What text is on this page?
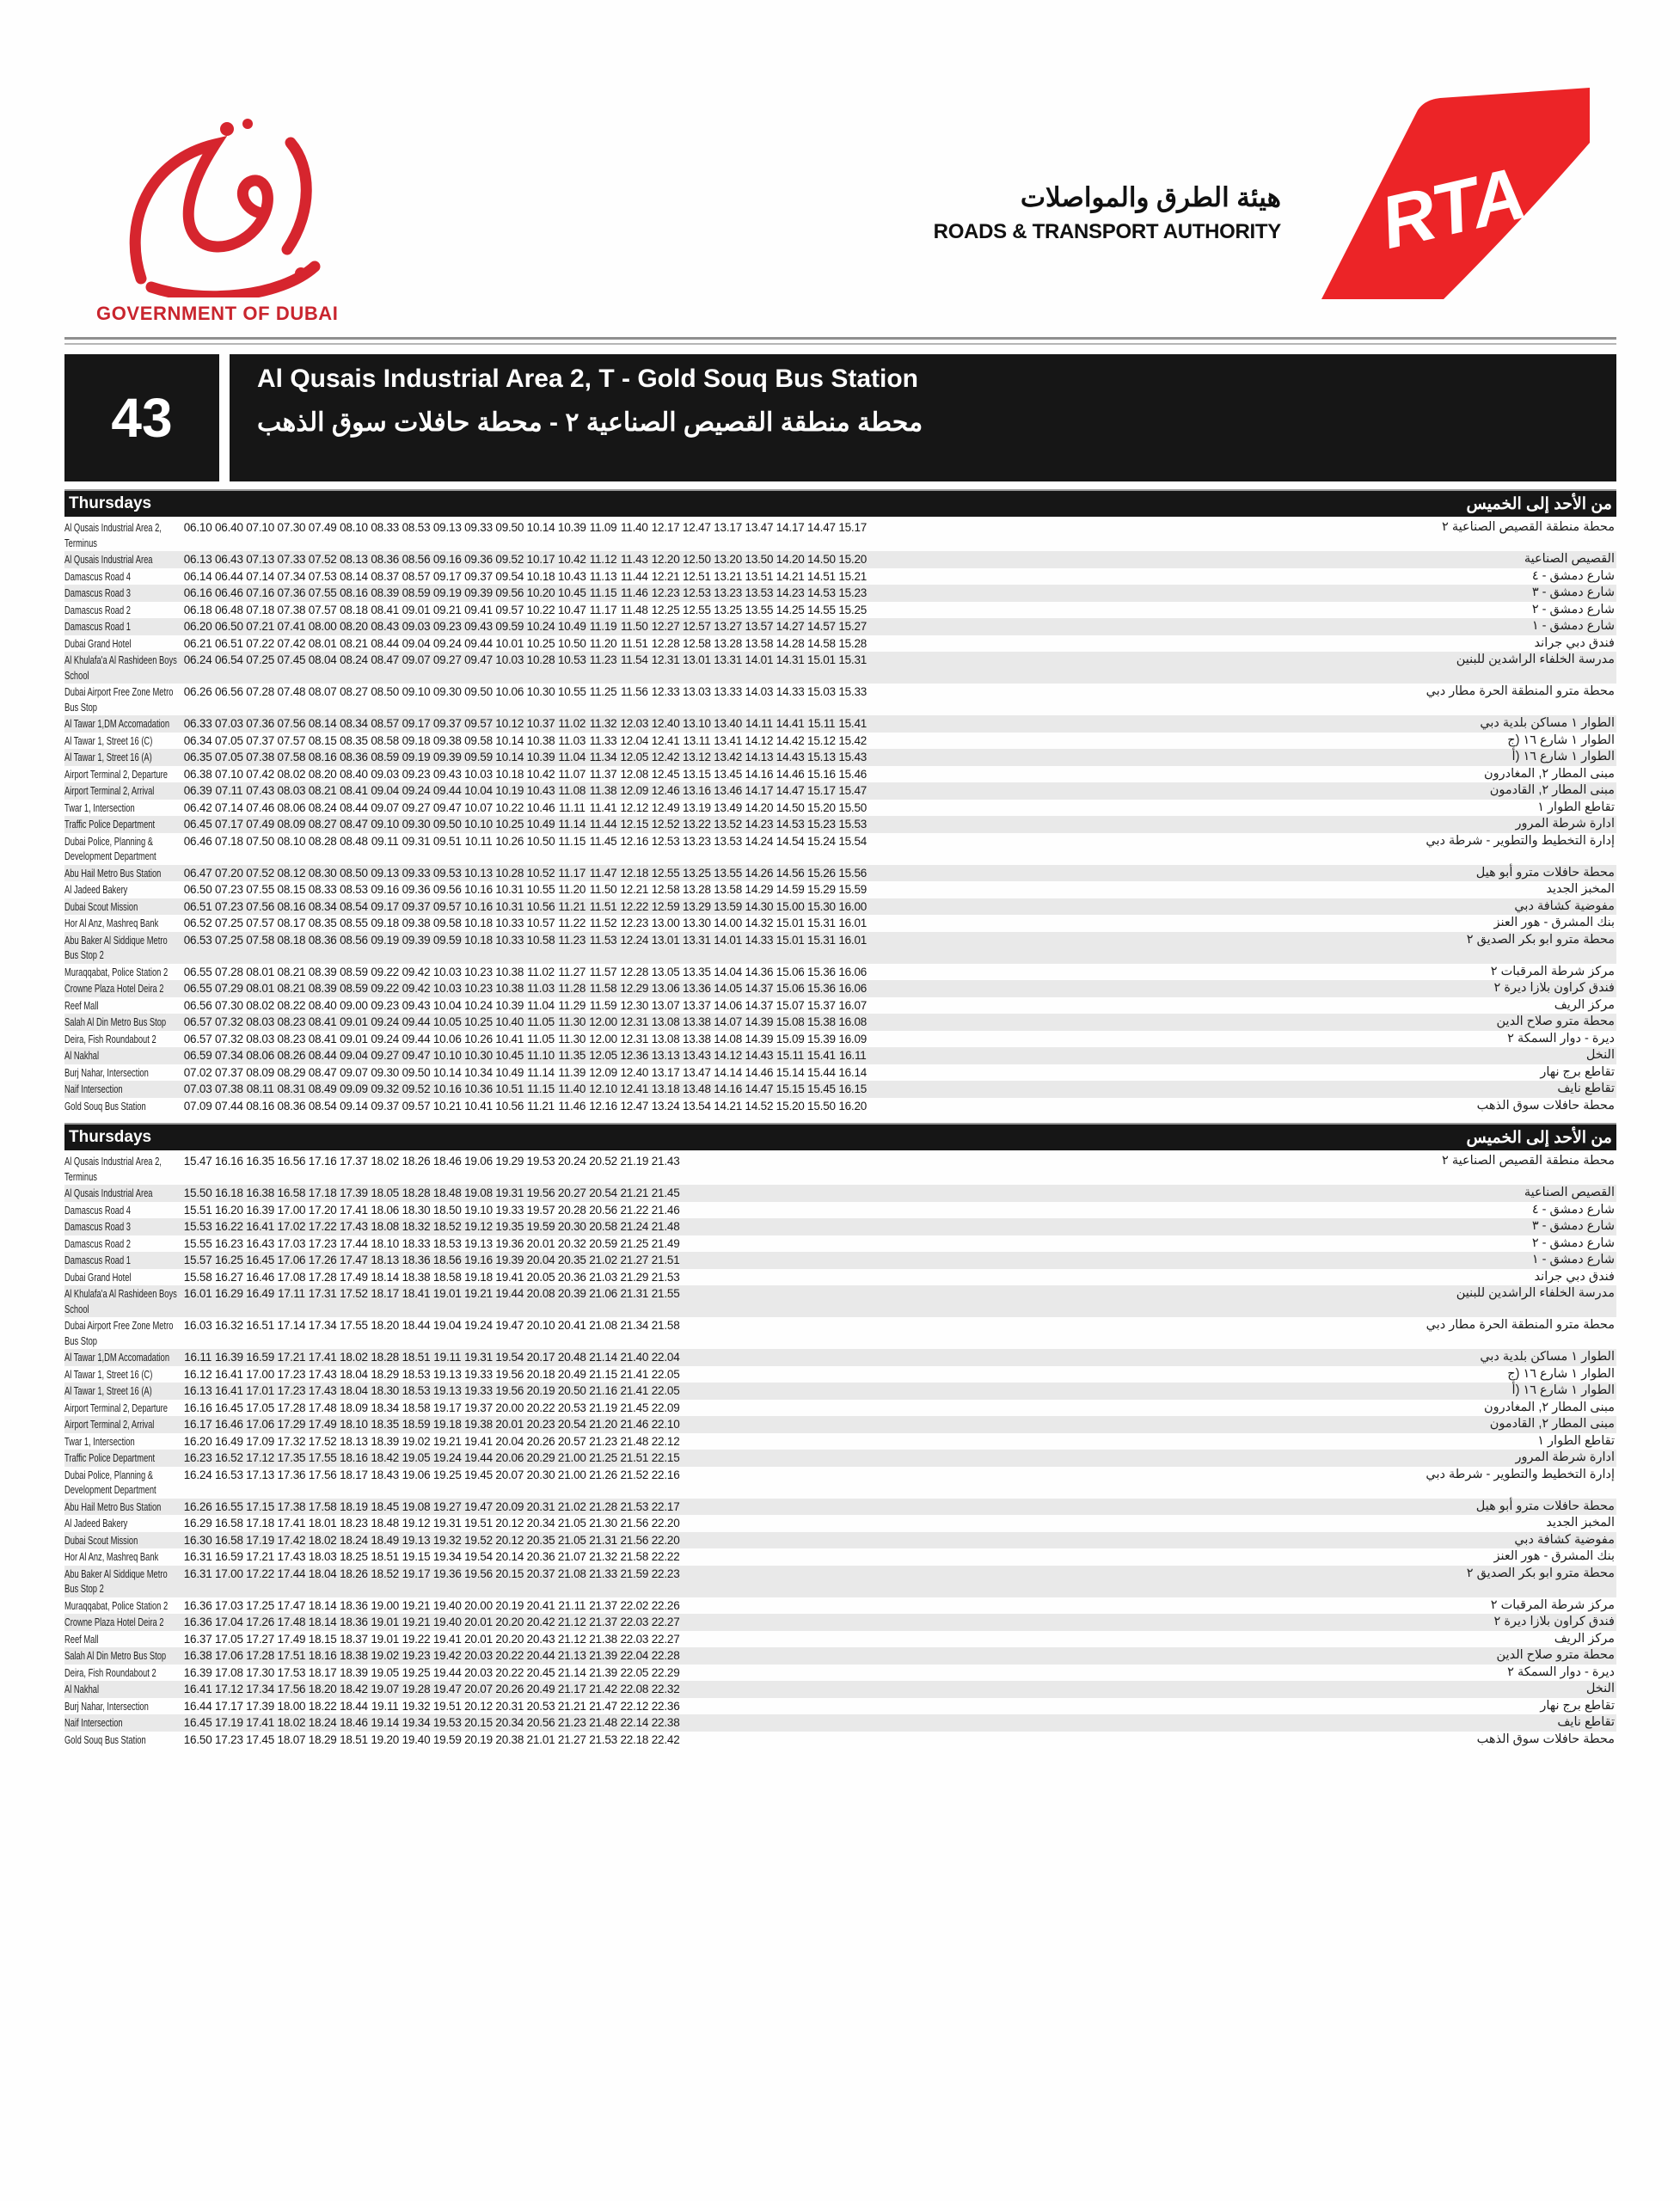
GOVERNMENT OF DUBAI
هيئة الطرق والمواصلات
ROADS & TRANSPORT AUTHORITY RTA
43
Al Qusais Industrial Area 2, T - Gold Souq Bus Station
محطة منطقة القصيص الصناعية ٢ - محطة حافلات سوق الذهب
Thursdays	من الأحد إلى الخميس
Al Qusais Industrial Area 2, Terminus
06.10 06.40 07.10 07.30 07.49 08.10 08.33 08.53 09.13 09.33 09.50 10.14 10.39 11.09 11.40 12.17 12.47 13.17 13.47 14.17 14.47 15.17	محطة منطقة القصيص الصناعية ٢
Al Qusais Industrial Area	06.13 06.43 07.13 07.33 07.52 08.13 08.36 08.56 09.16 09.36 09.52 10.17 10.42 11.12 11.43 12.20 12.50 13.20 13.50 14.20 14.50 15.20	القصيص الصناعية
Damascus Road 4	06.14 06.44 07.14 07.34 07.53 08.14 08.37 08.57 09.17 09.37 09.54 10.18 10.43 11.13 11.44 12.21 12.51 13.21 13.51 14.21 14.51 15.21	شارع دمشق - ٤
Damascus Road 3	06.16 06.46 07.16 07.36 07.55 08.16 08.39 08.59 09.19 09.39 09.56 10.20 10.45 11.15 11.46 12.23 12.53 13.23 13.53 14.23 14.53 15.23	شارع دمشق - ٣
Damascus Road 2	06.18 06.48 07.18 07.38 07.57 08.18 08.41 09.01 09.21 09.41 09.57 10.22 10.47 11.17 11.48 12.25 12.55 13.25 13.55 14.25 14.55 15.25	شارع دمشق - ٢
Damascus Road 1	06.20 06.50 07.21 07.41 08.00 08.20 08.43 09.03 09.23 09.43 09.59 10.24 10.49 11.19 11.50 12.27 12.57 13.27 13.57 14.27 14.57 15.27	شارع دمشق - ١
Dubai Grand Hotel	06.21 06.51 07.22 07.42 08.01 08.21 08.44 09.04 09.24 09.44 10.01 10.25 10.50 11.20 11.51 12.28 12.58 13.28 13.58 14.28 14.58 15.28	فندق دبي جراند
Al Khulafa'a Al Rashideen Boys School
06.24 06.54 07.25 07.45 08.04 08.24 08.47 09.07 09.27 09.47 10.03 10.28 10.53 11.23 11.54 12.31 13.01 13.31 14.01 14.31 15.01 15.31	مدرسة الخلفاء الراشدين للبنين
Dubai Airport Free Zone Metro Bus Stop
06.26 06.56 07.28 07.48 08.07 08.27 08.50 09.10 09.30 09.50 10.06 10.30 10.55 11.25 11.56 12.33 13.03 13.33 14.03 14.33 15.03 15.33	محطة مترو المنطقة الحرة مطار دبي
Al Tawar 1,DM Accomadation	06.33 07.03 07.36 07.56 08.14 08.34 08.57 09.17 09.37 09.57 10.12 10.37 11.02 11.32 12.03 12.40 13.10 13.40 14.11 14.41 15.11 15.41	الطوار ١ مساكن بلدية دبي
Al Tawar 1, Street 16 (C)	06.34 07.05 07.37 07.57 08.15 08.35 08.58 09.18 09.38 09.58 10.14 10.38 11.03 11.33 12.04 12.41 13.11 13.41 14.12 14.42 15.12 15.42	الطوار ١ شارع ١٦ (ج
Al Tawar 1, Street 16 (A)	06.35 07.05 07.38 07.58 08.16 08.36 08.59 09.19 09.39 09.59 10.14 10.39 11.04 11.34 12.05 12.42 13.12 13.42 14.13 14.43 15.13 15.43	الطوار ١ شارع ١٦ (أ
Airport Terminal 2, Departure	06.38 07.10 07.42 08.02 08.20 08.40 09.03 09.23 09.43 10.03 10.18 10.42 11.07 11.37 12.08 12.45 13.15 13.45 14.16 14.46 15.16 15.46	مبنى المطار ٢, المغادرون
Airport Terminal 2, Arrival	06.39 07.11 07.43 08.03 08.21 08.41 09.04 09.24 09.44 10.04 10.19 10.43 11.08 11.38 12.09 12.46 13.16 13.46 14.17 14.47 15.17 15.47	مبنى المطار ٢, القادمون
Twar 1, Intersection	06.42 07.14 07.46 08.06 08.24 08.44 09.07 09.27 09.47 10.07 10.22 10.46 11.11 11.41 12.12 12.49 13.19 13.49 14.20 14.50 15.20 15.50	تقاطع الطوار ١
Traffic Police Department	06.45 07.17 07.49 08.09 08.27 08.47 09.10 09.30 09.50 10.10 10.25 10.49 11.14 11.44 12.15 12.52 13.22 13.52 14.23 14.53 15.23 15.53	ادارة شرطة المرور
Dubai Police, Planning & Development Department
06.46 07.18 07.50 08.10 08.28 08.48 09.11 09.31 09.51 10.11 10.26 10.50 11.15 11.45 12.16 12.53 13.23 13.53 14.24 14.54 15.24 15.54	إدارة التخطيط والتطوير - شرطة دبي
Abu Hail Metro Bus Station	06.47 07.20 07.52 08.12 08.30 08.50 09.13 09.33 09.53 10.13 10.28 10.52 11.17 11.47 12.18 12.55 13.25 13.55 14.26 14.56 15.26 15.56	محطة حافلات مترو أبو هيل
Al Jadeed Bakery	06.50 07.23 07.55 08.15 08.33 08.53 09.16 09.36 09.56 10.16 10.31 10.55 11.20 11.50 12.21 12.58 13.28 13.58 14.29 14.59 15.29 15.59	المخبز الجديد
Dubai Scout Mission	06.51 07.23 07.56 08.16 08.34 08.54 09.17 09.37 09.57 10.16 10.31 10.56 11.21 11.51 12.22 12.59 13.29 13.59 14.30 15.00 15.30 16.00	مفوضية كشافة دبي
Hor Al Anz, Mashreq Bank	06.52 07.25 07.57 08.17 08.35 08.55 09.18 09.38 09.58 10.18 10.33 10.57 11.22 11.52 12.23 13.00 13.30 14.00 14.32 15.01 15.31 16.01	بنك المشرق - هور العنز
Abu Baker Al Siddique Metro Bus Stop 2
06.53 07.25 07.58 08.18 08.36 08.56 09.19 09.39 09.59 10.18 10.33 10.58 11.23 11.53 12.24 13.01 13.31 14.01 14.33 15.01 15.31 16.01	محطة مترو ابو بكر الصديق ٢
Muraqqabat, Police Station 2	06.55 07.28 08.01 08.21 08.39 08.59 09.22 09.42 10.03 10.23 10.38 11.02 11.27 11.57 12.28 13.05 13.35 14.04 14.36 15.06 15.36 16.06	مركز شرطة المرقبات ٢
Crowne Plaza Hotel Deira 2	06.55 07.29 08.01 08.21 08.39 08.59 09.22 09.42 10.03 10.23 10.38 11.03 11.28 11.58 12.29 13.06 13.36 14.05 14.37 15.06 15.36 16.06	فندق كراون بلازا ديرة ٢
Reef Mall	06.56 07.30 08.02 08.22 08.40 09.00 09.23 09.43 10.04 10.24 10.39 11.04 11.29 11.59 12.30 13.07 13.37 14.06 14.37 15.07 15.37 16.07	مركز الريف
Salah Al Din Metro Bus Stop	06.57 07.32 08.03 08.23 08.41 09.01 09.24 09.44 10.05 10.25 10.40 11.05 11.30 12.00 12.31 13.08 13.38 14.07 14.39 15.08 15.38 16.08	محطة مترو صلاح الدين
Deira, Fish Roundabout 2	06.57 07.32 08.03 08.23 08.41 09.01 09.24 09.44 10.06 10.26 10.41 11.05 11.30 12.00 12.31 13.08 13.38 14.08 14.39 15.09 15.39 16.09	ديرة - دوار السمكة ٢
Al Nakhal	06.59 07.34 08.06 08.26 08.44 09.04 09.27 09.47 10.10 10.30 10.45 11.10 11.35 12.05 12.36 13.13 13.43 14.12 14.43 15.11 15.41 16.11	النخل
Burj Nahar, Intersection	07.02 07.37 08.09 08.29 08.47 09.07 09.30 09.50 10.14 10.34 10.49 11.14 11.39 12.09 12.40 13.17 13.47 14.14 14.46 15.14 15.44 16.14	تقاطع برج نهار
Naif Intersection	07.03 07.38 08.11 08.31 08.49 09.09 09.32 09.52 10.16 10.36 10.51 11.15 11.40 12.10 12.41 13.18 13.48 14.16 14.47 15.15 15.45 16.15	تقاطع نايف
Gold Souq Bus Station	07.09 07.44 08.16 08.36 08.54 09.14 09.37 09.57 10.21 10.41 10.56 11.21 11.46 12.16 12.47 13.24 13.54 14.21 14.52 15.20 15.50 16.20	محطة حافلات سوق الذهب
Thursdays	من الأحد إلى الخميس
Al Qusais Industrial Area 2, Terminus
15.47 16.16 16.35 16.56 17.16 17.37 18.02 18.26 18.46 19.06 19.29 19.53 20.24 20.52 21.19 21.43	محطة منطقة القصيص الصناعية ٢
Al Qusais Industrial Area	15.50 16.18 16.38 16.58 17.18 17.39 18.05 18.28 18.48 19.08 19.31 19.56 20.27 20.54 21.21 21.45	القصيص الصناعية
Damascus Road 4	15.51 16.20 16.39 17.00 17.20 17.41 18.06 18.30 18.50 19.10 19.33 19.57 20.28 20.56 21.22 21.46	شارع دمشق - ٤
Damascus Road 3	15.53 16.22 16.41 17.02 17.22 17.43 18.08 18.32 18.52 19.12 19.35 19.59 20.30 20.58 21.24 21.48	شارع دمشق - ٣
Damascus Road 2	15.55 16.23 16.43 17.03 17.23 17.44 18.10 18.33 18.53 19.13 19.36 20.01 20.32 20.59 21.25 21.49	شارع دمشق - ٢
Damascus Road 1	15.57 16.25 16.45 17.06 17.26 17.47 18.13 18.36 18.56 19.16 19.39 20.04 20.35 21.02 21.27 21.51	شارع دمشق - ١
Dubai Grand Hotel	15.58 16.27 16.46 17.08 17.28 17.49 18.14 18.38 18.58 19.18 19.41 20.05 20.36 21.03 21.29 21.53	فندق دبي جراند
Al Khulafa'a Al Rashideen Boys School
16.01 16.29 16.49 17.11 17.31 17.52 18.17 18.41 19.01 19.21 19.44 20.08 20.39 21.06 21.31 21.55	مدرسة الخلفاء الراشدين للبنين
Dubai Airport Free Zone Metro Bus Stop
16.03 16.32 16.51 17.14 17.34 17.55 18.20 18.44 19.04 19.24 19.47 20.10 20.41 21.08 21.34 21.58	محطة مترو المنطقة الحرة مطار دبي
Al Tawar 1,DM Accomadation	16.11 16.39 16.59 17.21 17.41 18.02 18.28 18.51 19.11 19.31 19.54 20.17 20.48 21.14 21.40 22.04	الطوار ١ مساكن بلدية دبي
Al Tawar 1, Street 16 (C)	16.12 16.41 17.00 17.23 17.43 18.04 18.29 18.53 19.13 19.33 19.56 20.18 20.49 21.15 21.41 22.05	الطوار ١ شارع ١٦ (ج
Al Tawar 1, Street 16 (A)	16.13 16.41 17.01 17.23 17.43 18.04 18.30 18.53 19.13 19.33 19.56 20.19 20.50 21.16 21.41 22.05	الطوار ١ شارع ١٦ (أ
Airport Terminal 2, Departure	16.16 16.45 17.05 17.28 17.48 18.09 18.34 18.58 19.17 19.37 20.00 20.22 20.53 21.19 21.45 22.09	مبنى المطار ٢, المغادرون
Airport Terminal 2, Arrival	16.17 16.46 17.06 17.29 17.49 18.10 18.35 18.59 19.18 19.38 20.01 20.23 20.54 21.20 21.46 22.10	مبنى المطار ٢, القادمون
Twar 1, Intersection	16.20 16.49 17.09 17.32 17.52 18.13 18.39 19.02 19.21 19.41 20.04 20.26 20.57 21.23 21.48 22.12	تقاطع الطوار ١
Traffic Police Department	16.23 16.52 17.12 17.35 17.55 18.16 18.42 19.05 19.24 19.44 20.06 20.29 21.00 21.25 21.51 22.15	ادارة شرطة المرور
Dubai Police, Planning & Development Department
16.24 16.53 17.13 17.36 17.56 18.17 18.43 19.06 19.25 19.45 20.07 20.30 21.00 21.26 21.52 22.16	إدارة التخطيط والتطوير - شرطة دبي
Abu Hail Metro Bus Station	16.26 16.55 17.15 17.38 17.58 18.19 18.45 19.08 19.27 19.47 20.09 20.31 21.02 21.28 21.53 22.17	محطة حافلات مترو أبو هيل
Al Jadeed Bakery	16.29 16.58 17.18 17.41 18.01 18.23 18.48 19.12 19.31 19.51 20.12 20.34 21.05 21.30 21.56 22.20	المخبز الجديد
Dubai Scout Mission	16.30 16.58 17.19 17.42 18.02 18.24 18.49 19.13 19.32 19.52 20.12 20.35 21.05 21.31 21.56 22.20	مفوضية كشافة دبي
Hor Al Anz, Mashreq Bank	16.31 16.59 17.21 17.43 18.03 18.25 18.51 19.15 19.34 19.54 20.14 20.36 21.07 21.32 21.58 22.22	بنك المشرق - هور العنز
Abu Baker Al Siddique Metro Bus Stop 2
16.31 17.00 17.22 17.44 18.04 18.26 18.52 19.17 19.36 19.56 20.15 20.37 21.08 21.33 21.59 22.23	محطة مترو ابو بكر الصديق ٢
Muraqqabat, Police Station 2	16.36 17.03 17.25 17.47 18.14 18.36 19.00 19.21 19.40 20.00 20.19 20.41 21.11 21.37 22.02 22.26	مركز شرطة المرقبات ٢
Crowne Plaza Hotel Deira 2	16.36 17.04 17.26 17.48 18.14 18.36 19.01 19.21 19.40 20.01 20.20 20.42 21.12 21.37 22.03 22.27	فندق كراون بلازا ديرة ٢
Reef Mall	16.37 17.05 17.27 17.49 18.15 18.37 19.01 19.22 19.41 20.01 20.20 20.43 21.12 21.38 22.03 22.27	مركز الريف
Salah Al Din Metro Bus Stop	16.38 17.06 17.28 17.51 18.16 18.38 19.02 19.23 19.42 20.03 20.22 20.44 21.13 21.39 22.04 22.28	محطة مترو صلاح الدين
Deira, Fish Roundabout 2	16.39 17.08 17.30 17.53 18.17 18.39 19.05 19.25 19.44 20.03 20.22 20.45 21.14 21.39 22.05 22.29	ديرة - دوار السمكة ٢
Al Nakhal	16.41 17.12 17.34 17.56 18.20 18.42 19.07 19.28 19.47 20.07 20.26 20.49 21.17 21.42 22.08 22.32	النخل
Burj Nahar, Intersection	16.44 17.17 17.39 18.00 18.22 18.44 19.11 19.32 19.51 20.12 20.31 20.53 21.21 21.47 22.12 22.36	تقاطع برج نهار
Naif Intersection	16.45 17.19 17.41 18.02 18.24 18.46 19.14 19.34 19.53 20.15 20.34 20.56 21.23 21.48 22.14 22.38	تقاطع نايف
Gold Souq Bus Station	16.50 17.23 17.45 18.07 18.29 18.51 19.20 19.40 19.59 20.19 20.38 21.01 21.27 21.53 22.18 22.42	محطة حافلات سوق الذهب
